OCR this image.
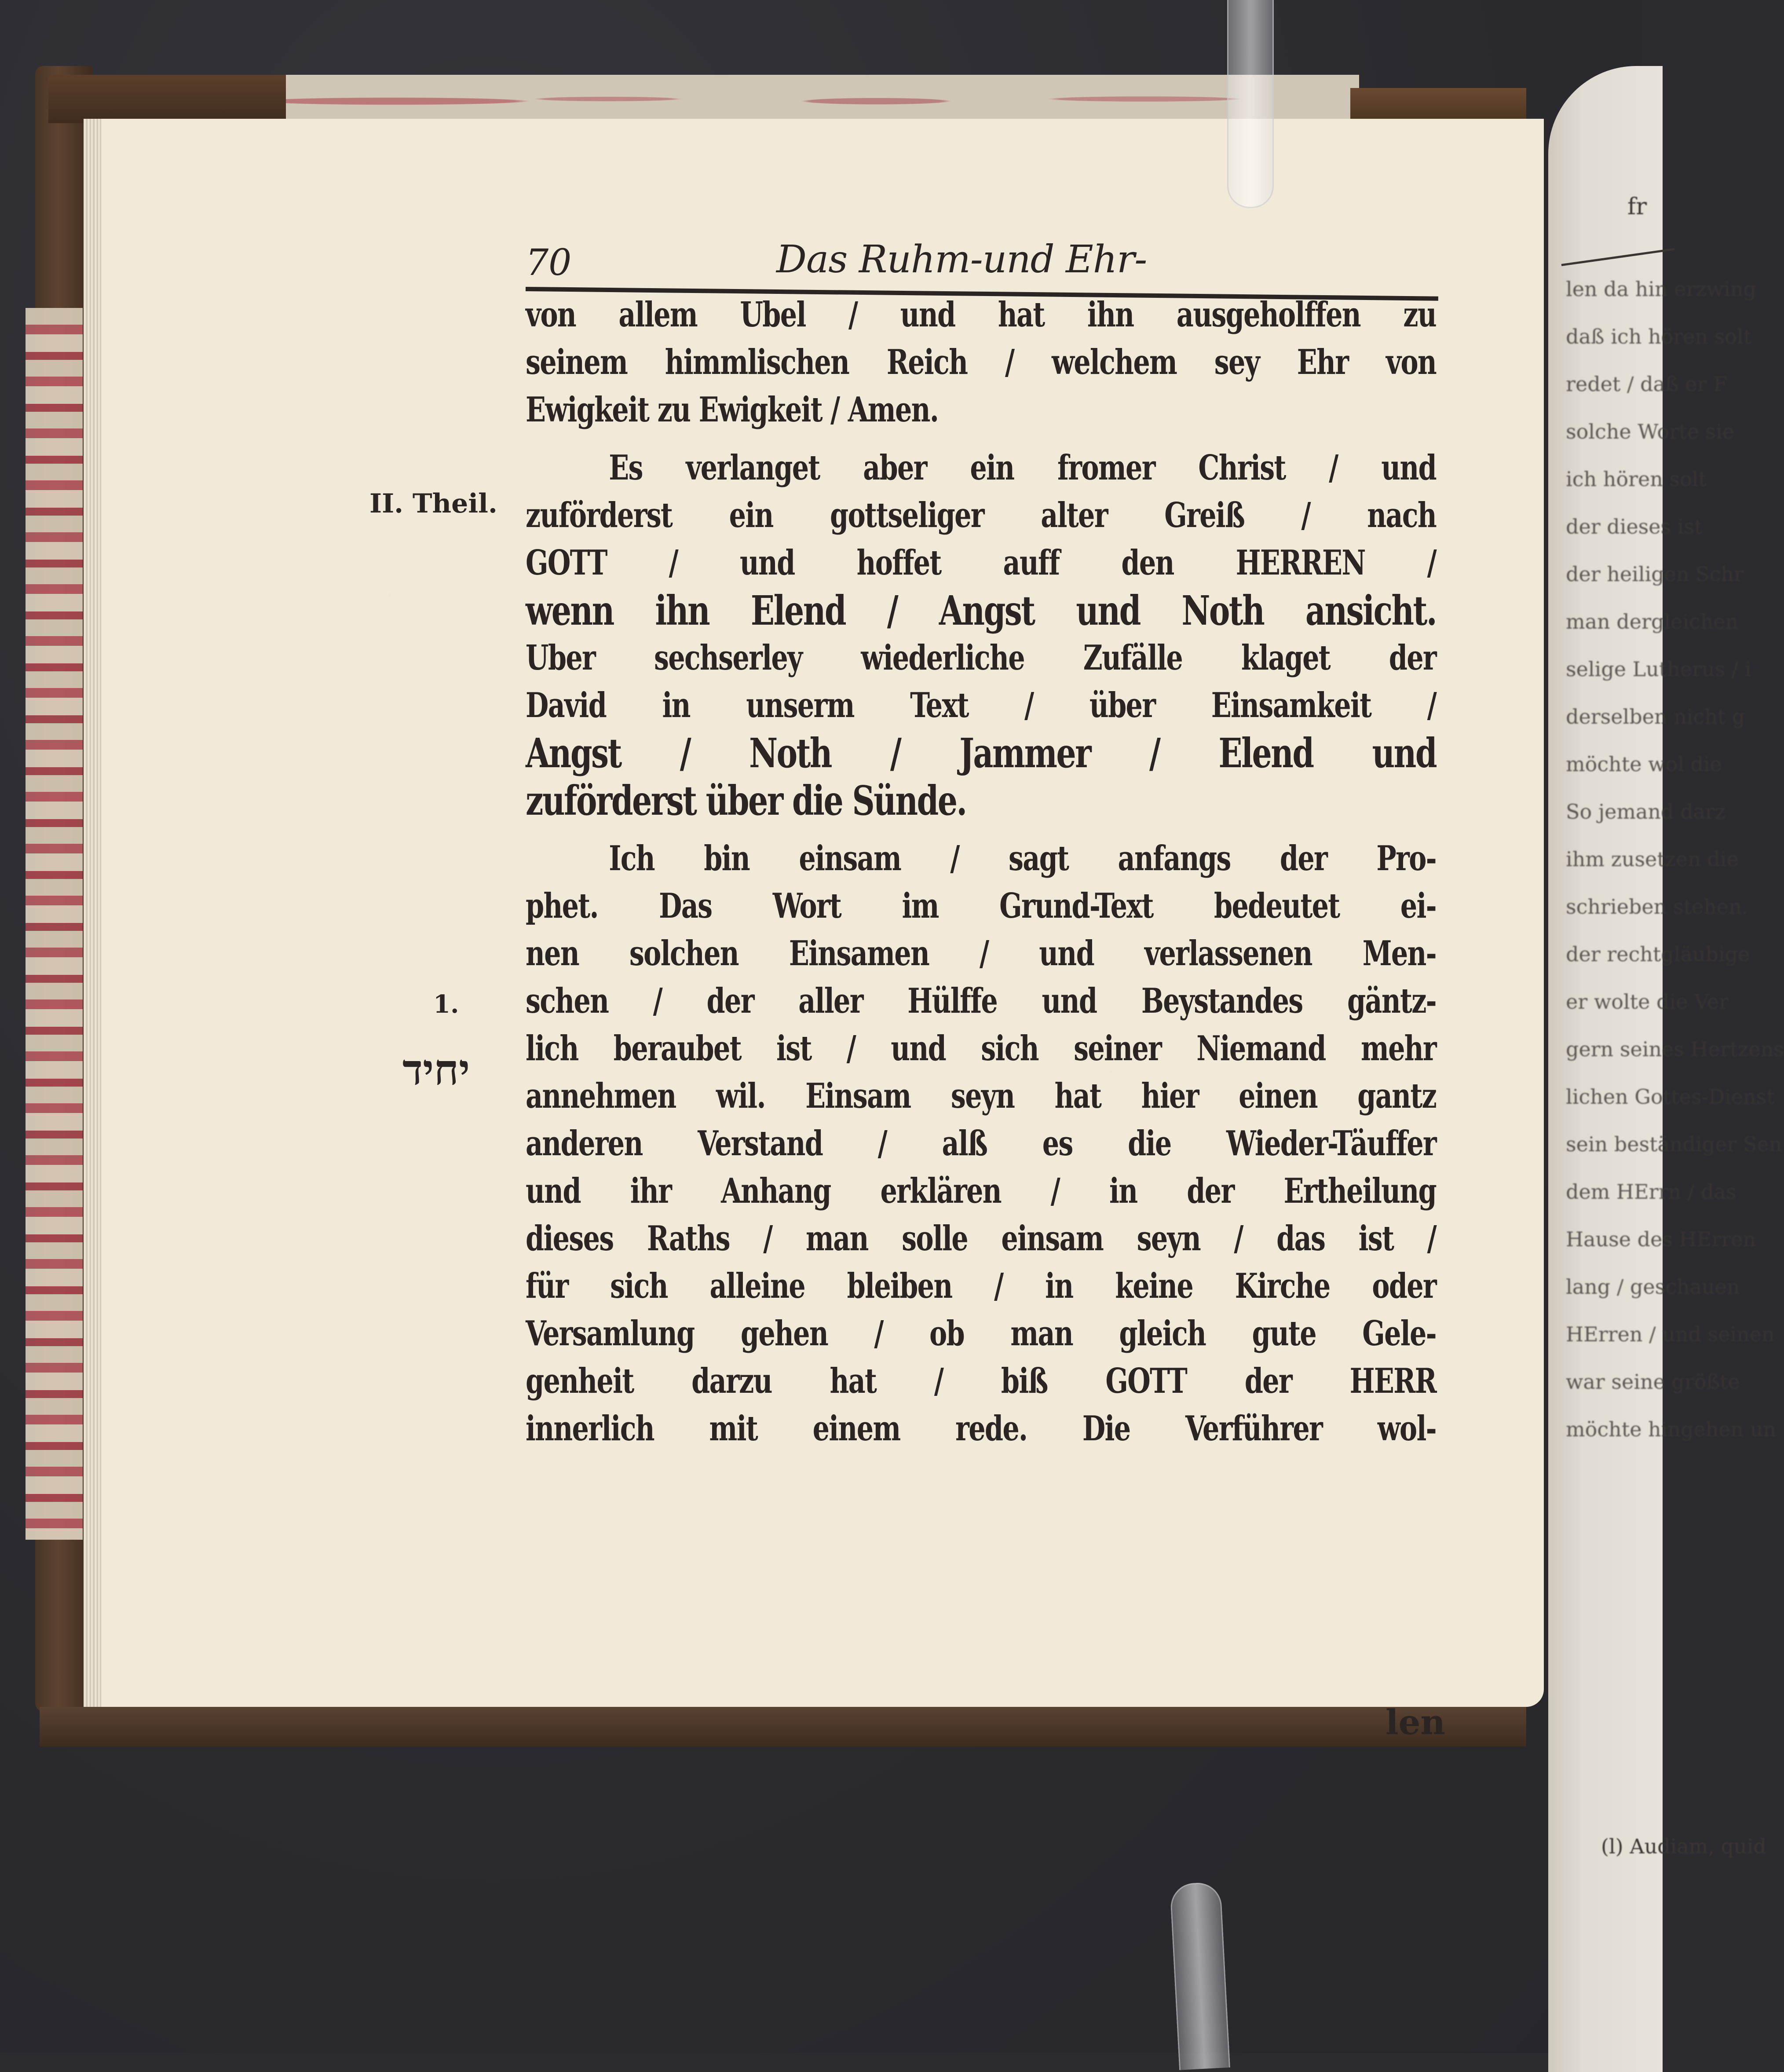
70	Das Ruhm-und Ehr-
von allem Ubel / und hat ihn ausgeholffen zu
seinem himmlischen Reich / welchem sey Ehr von
Ewigkeit zu Ewigkeit / Amen.
Es verlanget aber ein fromer Christ / und
zuförderst ein gottseliger alter Greiß / nach
GOTT / und hoffet auff den HERREN /
wenn ihn Elend / Angst und Noth ansicht.
Uber sechserley wiederliche Zufälle klaget der
David in unserm Text / über Einsamkeit /
Angst / Noth / Jammer / Elend und
zuförderst über die Sünde.
Ich bin einsam / sagt anfangs der Pro-
phet. Das Wort im Grund-Text bedeutet ei-
nen solchen Einsamen / und verlassenen Men-
schen / der aller Hülffe und Beystandes gäntz-
lich beraubet ist / und sich seiner Niemand mehr
annehmen wil. Einsam seyn hat hier einen gantz
anderen Verstand / alß es die Wieder-Täuffer
und ihr Anhang erklären / in der Ertheilung
dieses Raths / man solle einsam seyn / das ist /
für sich alleine bleiben / in keine Kirche oder
Versamlung gehen / ob man gleich gute Gele-
genheit darzu hat / biß GOTT der HERR
innerlich mit einem rede. Die Verführer wol-
II. Theil.
1.
יחיד
len
fr
len da hin erzwing
daß ich hören solt
redet / daß er F
solche Worte sie
ich hören solt
der dieses ist
der heiligen Schr
man dergleichen
selige Lutherus / i
derselben nicht g
möchte wol die
So jemand darz
ihm zusetzen die
schrieben stehen.
der rechtgläubige
er wolte die Ver
gern seines Hertzens
lichen Gottes-Dienst
sein beständiger Sen
dem HErrn / das
Hause des HErren
lang / geschauen
HErren / und seinen
war seine größte
möchte hingehen un
(l) Audiam, quid
